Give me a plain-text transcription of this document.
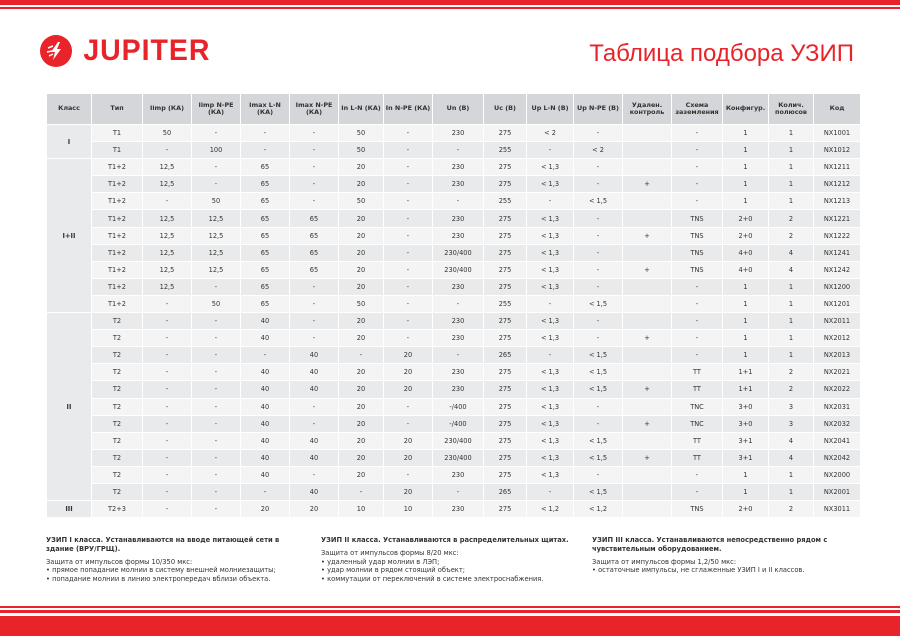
JUPITER	Таблица подбора УЗИП
Класс	Тип	Iimp (КА)	Iimp N-PE (КА)	Imax L-N (КА)	Imax N-PE (КА)	In L-N (КА)	In N-PE (КА)	Un (В)	Uc (В)	Up L-N (В)	Up N-PE (В)	Удален. контроль	Схема заземления	Конфигур.	Колич. полюсов	Код
I	T1	50	-	-	-	50	-	230	275	< 2	-		-	1	1	NX1001
	T1	-	100	-	-	50	-	-	255	-	< 2		-	1	1	NX1012
I+II	T1+2	12,5	-	65	-	20	-	230	275	< 1,3	-		-	1	1	NX1211
	T1+2	12,5	-	65	-	20	-	230	275	< 1,3	-	+	-	1	1	NX1212
	T1+2	-	50	65	-	50	-	-	255	-	< 1,5		-	1	1	NX1213
	T1+2	12,5	12,5	65	65	20	-	230	275	< 1,3	-		TNS	2+0	2	NX1221
	T1+2	12,5	12,5	65	65	20	-	230	275	< 1,3	-	+	TNS	2+0	2	NX1222
	T1+2	12,5	12,5	65	65	20	-	230/400	275	< 1,3	-		TNS	4+0	4	NX1241
	T1+2	12,5	12,5	65	65	20	-	230/400	275	< 1,3	-	+	TNS	4+0	4	NX1242
	T1+2	12,5	-	65	-	20	-	230	275	< 1,3	-		-	1	1	NX1200
	T1+2	-	50	65	-	50	-	-	255	-	< 1,5		-	1	1	NX1201
II	T2	-	-	40	-	20	-	230	275	< 1,3	-		-	1	1	NX2011
	T2	-	-	40	-	20	-	230	275	< 1,3	-	+	-	1	1	NX2012
	T2	-	-	-	40	-	20	-	265	-	< 1,5		-	1	1	NX2013
	T2	-	-	40	40	20	20	230	275	< 1,3	< 1,5		TT	1+1	2	NX2021
	T2	-	-	40	40	20	20	230	275	< 1,3	< 1,5	+	TT	1+1	2	NX2022
	T2	-	-	40	-	20	-	-/400	275	< 1,3	-		TNC	3+0	3	NX2031
	T2	-	-	40	-	20	-	-/400	275	< 1,3	-	+	TNC	3+0	3	NX2032
	T2	-	-	40	40	20	20	230/400	275	< 1,3	< 1,5		TT	3+1	4	NX2041
	T2	-	-	40	40	20	20	230/400	275	< 1,3	< 1,5	+	TT	3+1	4	NX2042
	T2	-	-	40	-	20	-	230	275	< 1,3	-		-	1	1	NX2000
	T2	-	-	-	40	-	20	-	265	-	< 1,5		-	1	1	NX2001
III	T2+3	-	-	20	20	10	10	230	275	< 1,2	< 1,2		TNS	2+0	2	NX3011
УЗИП I класса. Устанавливаются на вводе питающей сети в здание (ВРУ/ГРЩ).
Защита от импульсов формы 10/350 мкс:
• прямое попадание молнии в систему внешней молниезащиты;
• попадание молнии в линию электропередач вблизи объекта.
УЗИП II класса. Устанавливаются в распределительных щитах.
Защита от импульсов формы 8/20 мкс:
• удаленный удар молнии в ЛЭП;
• удар молнии в рядом стоящий объект;
• коммутации от переключений в системе электроснабжения.
УЗИП III класса. Устанавливаются непосредственно рядом с чувствительным оборудованием.
Защита от импульсов формы 1,2/50 мкс:
• остаточные импульсы, не сглаженные УЗИП I и II классов.
